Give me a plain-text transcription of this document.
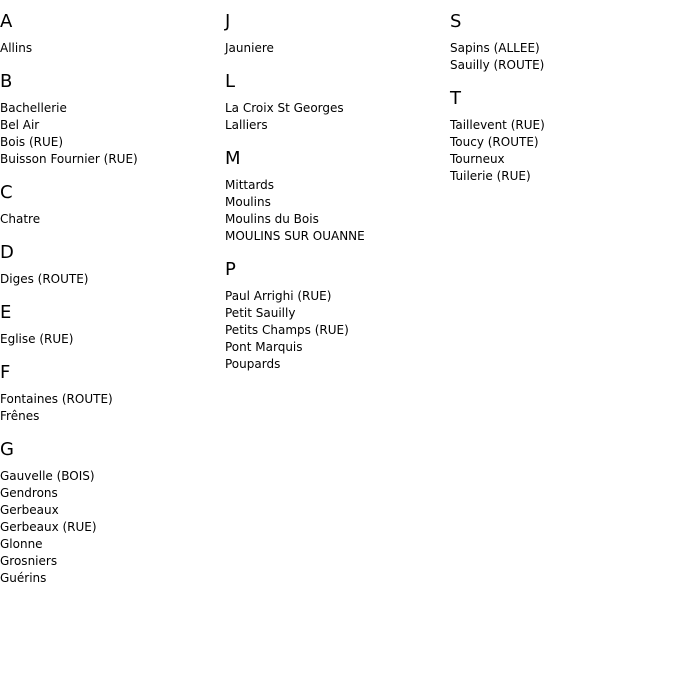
A
Allins
B
Bachellerie
Bel Air
Bois (RUE)
Buisson Fournier (RUE)
C
Chatre
D
Diges (ROUTE)
E
Eglise (RUE)
F
Fontaines (ROUTE)
Frênes
G
Gauvelle (BOIS)
Gendrons
Gerbeaux
Gerbeaux (RUE)
Glonne
Grosniers
Guérins
J
Jauniere
L
La Croix St Georges
Lalliers
M
Mittards
Moulins
Moulins du Bois
MOULINS SUR OUANNE
P
Paul Arrighi (RUE)
Petit Sauilly
Petits Champs (RUE)
Pont Marquis
Poupards
S
Sapins (ALLEE)
Sauilly (ROUTE)
T
Taillevent (RUE)
Toucy (ROUTE)
Tourneux
Tuilerie (RUE)
